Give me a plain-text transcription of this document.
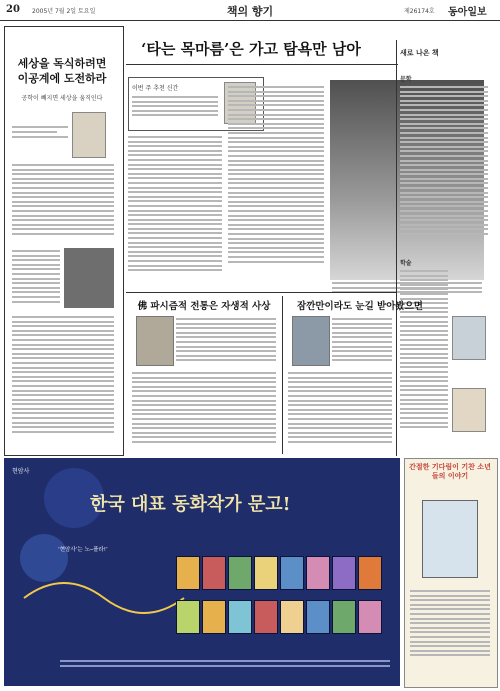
20 2005년 7월 2일 토요일	책의 향기	제26174호 동아일보
세상을 독식하려면 이공계에 도전하라
공학이 빼지면 세상을 움직인다
‘타는 목마름’은 가고 탐욕만 남아
이번 주 추천 신간
새로 나온 책
문학
학술
佛 파시즘적 전통은 자생적 사상	잠깐만이라도 눈길 받아봤으면
현암사
한국 대표 동화작가 문고!
‘현암사’는 노─플라!’
간절한 기다림이 기찬 소년들의 이야기
